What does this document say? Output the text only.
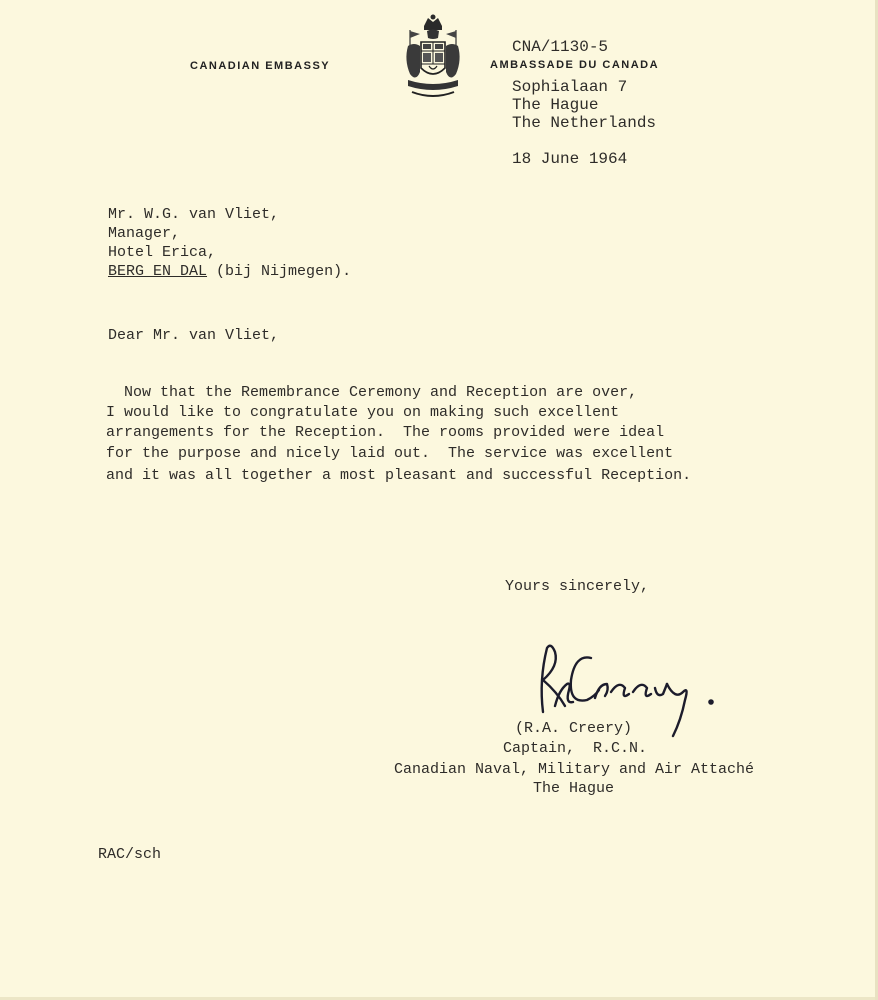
CANADIAN EMBASSY	AMBASSADE DU CANADA
CNA/1130-5
Sophialaan 7
The Hague
The Netherlands
18 June 1964
Mr. W.G. van Vliet,
Manager,
Hotel Erica,
BERG EN DAL (bij Nijmegen).
Dear Mr. van Vliet,
Now that the Remembrance Ceremony and Reception are over,
I would like to congratulate you on making such excellent
arrangements for the Reception.  The rooms provided were ideal
for the purpose and nicely laid out.  The service was excellent
and it was all together a most pleasant and successful Reception.
Yours sincerely,
(R.A. Creery)
Captain,  R.C.N.
Canadian Naval, Military and Air Attaché
The Hague
RAC/sch
